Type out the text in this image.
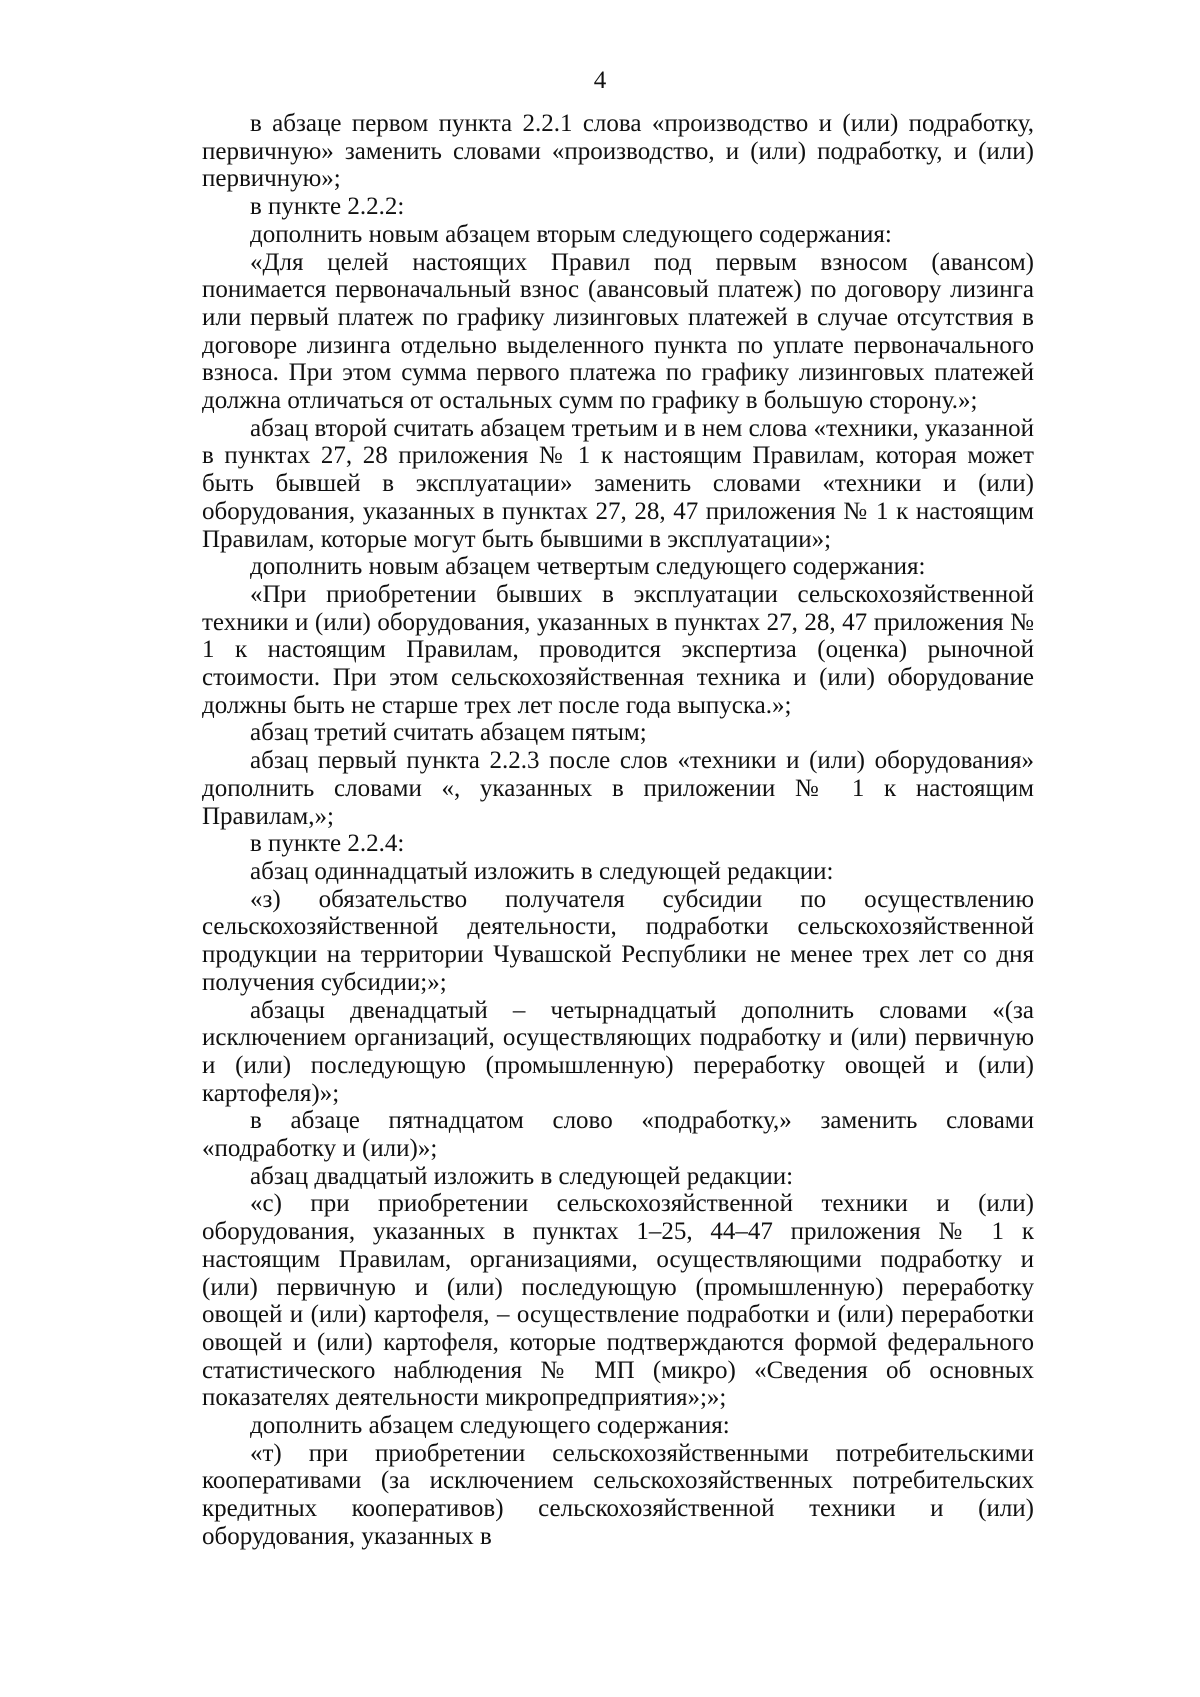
4

в абзаце первом пункта 2.2.1 слова «производство и (или) подработку, первичную» заменить словами «производство, и (или) подработку, и (или) первичную»;

в пункте 2.2.2:

дополнить новым абзацем вторым следующего содержания:

«Для целей настоящих Правил под первым взносом (авансом) понимается первоначальный взнос (авансовый платеж) по договору лизинга или первый платеж по графику лизинговых платежей в случае отсутствия в договоре лизинга отдельно выделенного пункта по уплате первоначального взноса. При этом сумма первого платежа по графику лизинговых платежей должна отличаться от остальных сумм по графику в большую сторону.»;

абзац второй считать абзацем третьим и в нем слова «техники, указанной в пунктах 27, 28 приложения № 1 к настоящим Правилам, которая может быть бывшей в эксплуатации» заменить словами «техники и (или) оборудования, указанных в пунктах 27, 28, 47 приложения № 1 к настоящим Правилам, которые могут быть бывшими в эксплуатации»;

дополнить новым абзацем четвертым следующего содержания:

«При приобретении бывших в эксплуатации сельскохозяйственной техники и (или) оборудования, указанных в пунктах 27, 28, 47 приложения № 1 к настоящим Правилам, проводится экспертиза (оценка) рыночной стоимости. При этом сельскохозяйственная техника и (или) оборудование должны быть не старше трех лет после года выпуска.»;

абзац третий считать абзацем пятым;

абзац первый пункта 2.2.3 после слов «техники и (или) оборудования» дополнить словами «, указанных в приложении № 1 к настоящим Правилам,»;

в пункте 2.2.4:

абзац одиннадцатый изложить в следующей редакции:

«з) обязательство получателя субсидии по осуществлению сельскохозяйственной деятельности, подработки сельскохозяйственной продукции на территории Чувашской Республики не менее трех лет со дня получения субсидии;»;

абзацы двенадцатый – четырнадцатый дополнить словами «(за исключением организаций, осуществляющих подработку и (или) первичную и (или) последующую (промышленную) переработку овощей и (или) картофеля)»;

в абзаце пятнадцатом слово «подработку,» заменить словами «подработку и (или)»;

абзац двадцатый изложить в следующей редакции:

«с) при приобретении сельскохозяйственной техники и (или) оборудования, указанных в пунктах 1–25, 44–47 приложения № 1 к настоящим Правилам, организациями, осуществляющими подработку и (или) первичную и (или) последующую (промышленную) переработку овощей и (или) картофеля, – осуществление подработки и (или) переработки овощей и (или) картофеля, которые подтверждаются формой федерального статистического наблюдения № МП (микро) «Сведения об основных показателях деятельности микропредприятия»;»;

дополнить абзацем следующего содержания:

«т) при приобретении сельскохозяйственными потребительскими кооперативами (за исключением сельскохозяйственных потребительских кредитных кооперативов) сельскохозяйственной техники и (или) оборудования, указанных в
